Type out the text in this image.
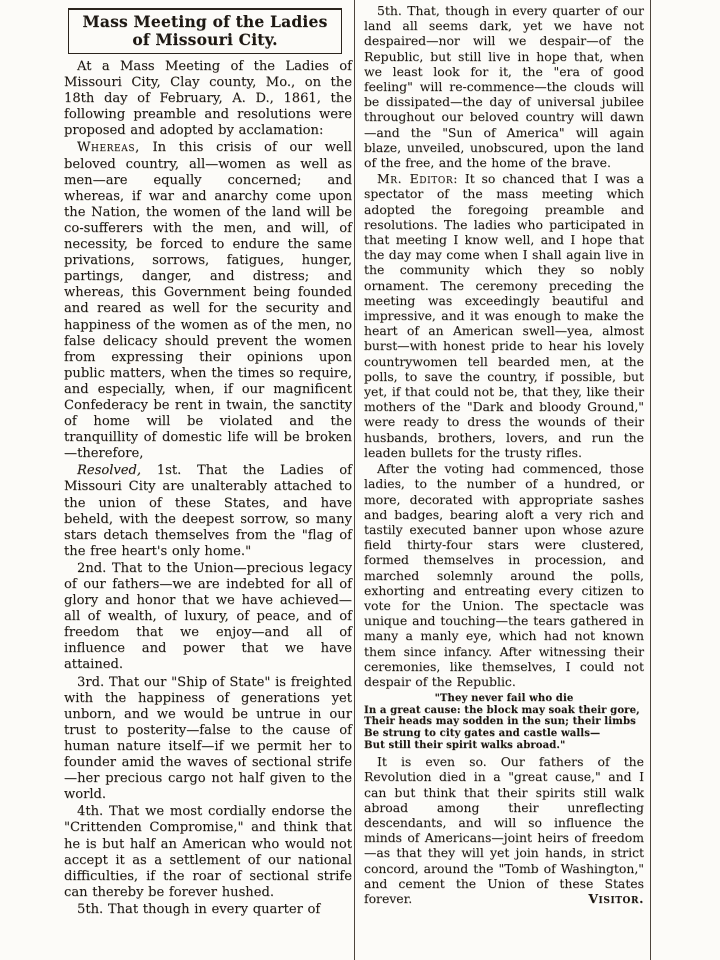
Mass Meeting of the Ladies of Missouri City.

At a Mass Meeting of the Ladies of Missouri City, Clay county, Mo., on the 18th day of February, A. D., 1861, the following preamble and resolutions were proposed and adopted by acclamation:

Whereas, In this crisis of our well beloved country, all—women as well as men—are equally concerned; and whereas, if war and anarchy come upon the Nation, the women of the land will be co-sufferers with the men, and will, of necessity, be forced to endure the same privations, sorrows, fatigues, hunger, partings, danger, and distress; and whereas, this Government being founded and reared as well for the security and happiness of the women as of the men, no false delicacy should prevent the women from expressing their opinions upon public matters, when the times so require, and especially, when, if our magnificent Confederacy be rent in twain, the sanctity of home will be violated and the tranquillity of domestic life will be broken—therefore,

Resolved, 1st. That the Ladies of Missouri City are unalterably attached to the union of these States, and have beheld, with the deepest sorrow, so many stars detach themselves from the "flag of the free heart's only home."

2nd. That to the Union—precious legacy of our fathers—we are indebted for all of glory and honor that we have achieved—all of wealth, of luxury, of peace, and of freedom that we enjoy—and all of influence and power that we have attained.

3rd. That our "Ship of State" is freighted with the happiness of generations yet unborn, and we would be untrue in our trust to posterity—false to the cause of human nature itself—if we permit her to founder amid the waves of sectional strife—her precious cargo not half given to the world.

4th. That we most cordially endorse the "Crittenden Compromise," and think that he is but half an American who would not accept it as a settlement of our national difficulties, if the roar of sectional strife can thereby be forever hushed.

5th. That though in every quarter of

5th. That, though in every quarter of our land all seems dark, yet we have not despaired—nor will we despair—of the Republic, but still live in hope that, when we least look for it, the "era of good feeling" will re-commence—the clouds will be dissipated—the day of universal jubilee throughout our beloved country will dawn—and the "Sun of America" will again blaze, unveiled, unobscured, upon the land of the free, and the home of the brave.

Mr. Editor: It so chanced that I was a spectator of the mass meeting which adopted the foregoing preamble and resolutions. The ladies who participated in that meeting I know well, and I hope that the day may come when I shall again live in the community which they so nobly ornament. The ceremony preceding the meeting was exceedingly beautiful and impressive, and it was enough to make the heart of an American swell—yea, almost burst—with honest pride to hear his lovely countrywomen tell bearded men, at the polls, to save the country, if possible, but yet, if that could not be, that they, like their mothers of the "Dark and bloody Ground," were ready to dress the wounds of their husbands, brothers, lovers, and run the leaden bullets for the trusty rifles.

After the voting had commenced, those ladies, to the number of a hundred, or more, decorated with appropriate sashes and badges, bearing aloft a very rich and tastily executed banner upon whose azure field thirty-four stars were clustered, formed themselves in procession, and marched solemnly around the polls, exhorting and entreating every citizen to vote for the Union. The spectacle was unique and touching—the tears gathered in many a manly eye, which had not known them since infancy. After witnessing their ceremonies, like themselves, I could not despair of the Republic.

"They never fail who die
In a great cause: the block may soak their gore,
Their heads may sodden in the sun; their limbs
Be strung to city gates and castle walls—
But still their spirit walks abroad."

It is even so. Our fathers of the Revolution died in a "great cause," and I can but think that their spirits still walk abroad among their unreflecting descendants, and will so influence the minds of Americans—joint heirs of freedom—as that they will yet join hands, in strict concord, around the "Tomb of Washington," and cement the Union of these States forever.	Visitor.
